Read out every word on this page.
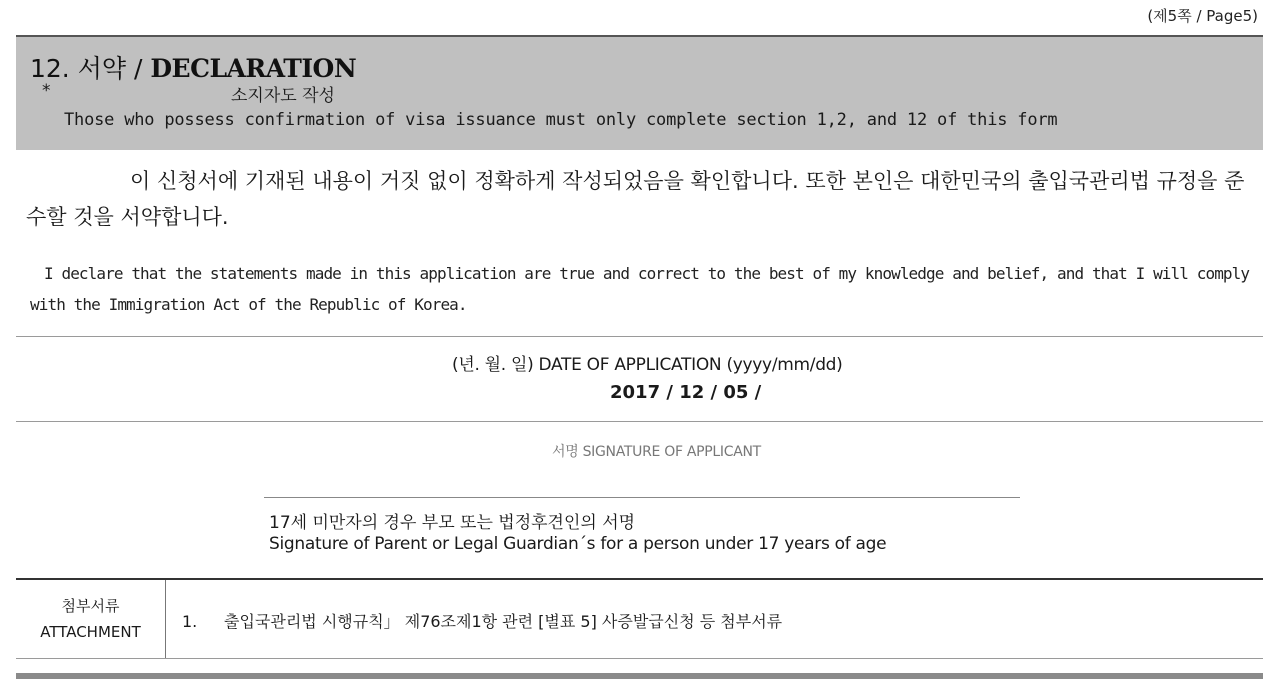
(제5쪽 / Page5)
12. 서약 / DECLARATION
*	소지자도 작성
Those who possess confirmation of visa issuance must only complete section 1,2, and 12 of this form
이 신청서에 기재된 내용이 거짓 없이 정확하게 작성되었음을 확인합니다. 또한 본인은 대한민국의 출입국관리법 규정을 준수할 것을 서약합니다.
I declare that the statements made in this application are true and correct to the best of my knowledge and belief, and that I will comply with the Immigration Act of the Republic of Korea.
(년. 월. 일) DATE OF APPLICATION (yyyy/mm/dd)
2017 / 12 / 05 /
서명 SIGNATURE OF APPLICANT
17세 미만자의 경우 부모 또는 법정후견인의 서명
Signature of Parent or Legal Guardian´s for a person under 17 years of age
첨부서류
ATTACHMENT
1. 출입국관리법 시행규칙」 제76조제1항 관련 [별표 5] 사증발급신청 등 첨부서류
